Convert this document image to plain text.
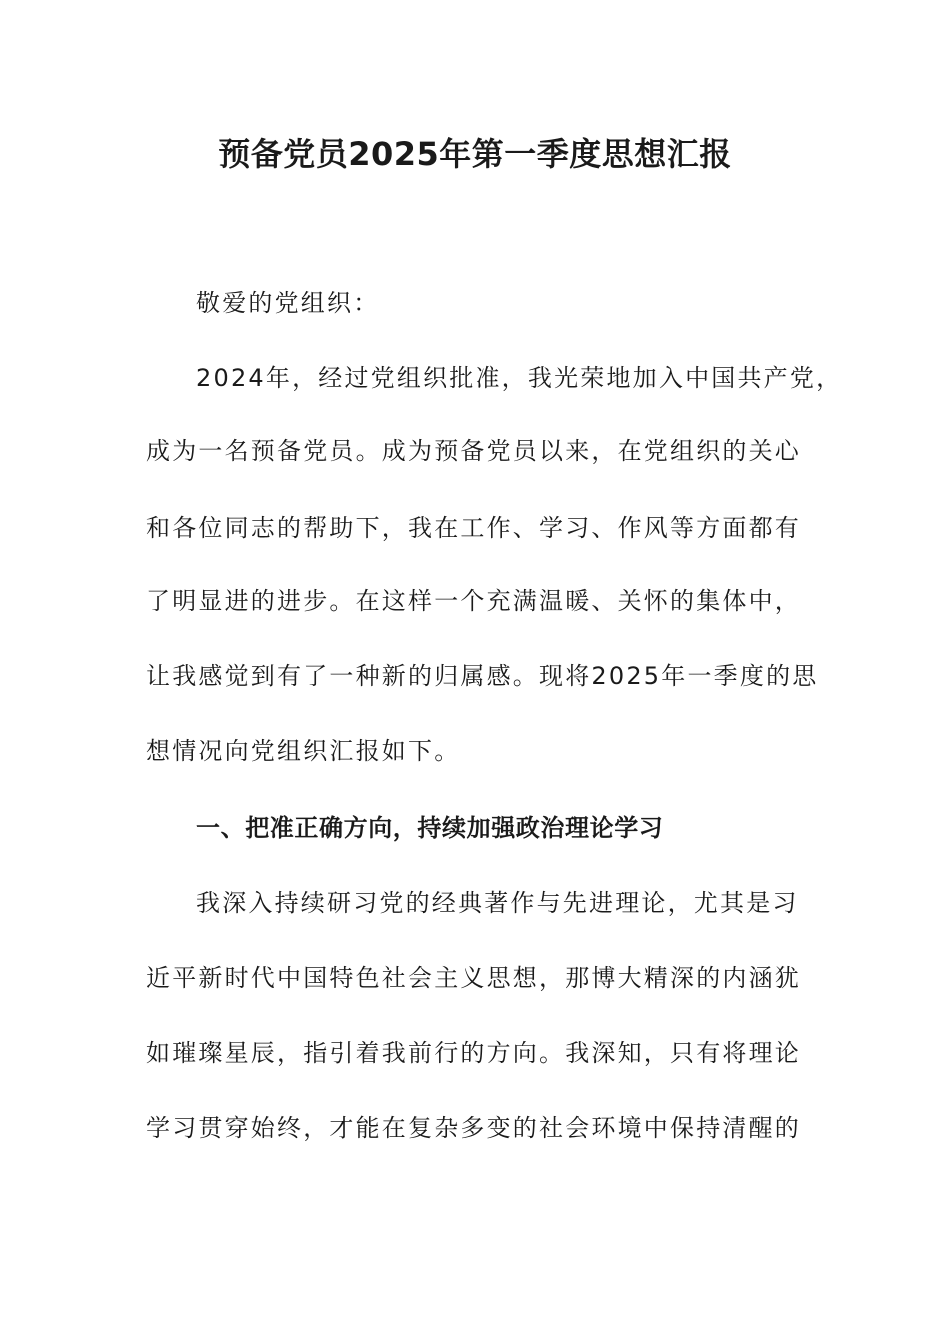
预备党员2025年第一季度思想汇报
敬爱的党组织：
2024年，经过党组织批准，我光荣地加入中国共产党，
成为一名预备党员。成为预备党员以来，在党组织的关心
和各位同志的帮助下，我在工作、学习、作风等方面都有
了明显进的进步。在这样一个充满温暖、关怀的集体中，
让我感觉到有了一种新的归属感。现将2025年一季度的思
想情况向党组织汇报如下。
一、把准正确方向，持续加强政治理论学习
我深入持续研习党的经典著作与先进理论，尤其是习
近平新时代中国特色社会主义思想，那博大精深的内涵犹
如璀璨星辰，指引着我前行的方向。我深知，只有将理论
学习贯穿始终，才能在复杂多变的社会环境中保持清醒的
